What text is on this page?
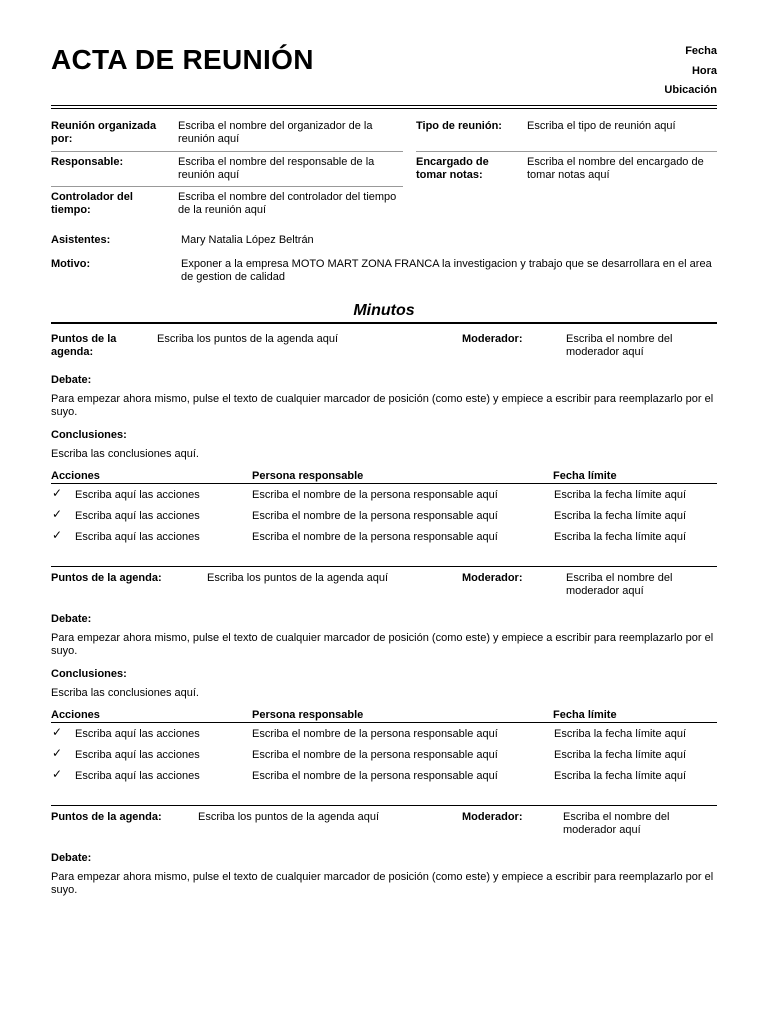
ACTA DE REUNIÓN	Fecha
Hora
Ubicación
Reunión organizada por:
Escriba el nombre del organizador de la reunión aquí
Tipo de reunión:	Escriba el tipo de reunión aquí
Responsable:	Escriba el nombre del responsable de la reunión aquí
Encargado de tomar notas:
Escriba el nombre del encargado de tomar notas aquí
Controlador del tiempo:
Escriba el nombre del controlador del tiempo de la reunión aquí
Asistentes:	Mary Natalia López Beltrán
Motivo:	Exponer a la empresa MOTO MART ZONA FRANCA la investigacion y trabajo que se desarrollara en el area de gestion de calidad
Minutos
Puntos de la agenda:
Escriba los puntos de la agenda aquí	Moderador:	Escriba el nombre del moderador aquí
Debate:
Para empezar ahora mismo, pulse el texto de cualquier marcador de posición (como este) y empiece a escribir para reemplazarlo por el suyo.
Conclusiones:
Escriba las conclusiones aquí.
Acciones	Persona responsable	Fecha límite
✓ Escriba aquí las acciones	Escriba el nombre de la persona responsable aquí	Escriba la fecha límite aquí
✓ Escriba aquí las acciones	Escriba el nombre de la persona responsable aquí	Escriba la fecha límite aquí
✓ Escriba aquí las acciones	Escriba el nombre de la persona responsable aquí	Escriba la fecha límite aquí
Puntos de la agenda:	Escriba los puntos de la agenda aquí	Moderador:	Escriba el nombre del moderador aquí
Debate:
Para empezar ahora mismo, pulse el texto de cualquier marcador de posición (como este) y empiece a escribir para reemplazarlo por el suyo.
Conclusiones:
Escriba las conclusiones aquí.
Acciones	Persona responsable	Fecha límite
✓ Escriba aquí las acciones	Escriba el nombre de la persona responsable aquí	Escriba la fecha límite aquí
✓ Escriba aquí las acciones	Escriba el nombre de la persona responsable aquí	Escriba la fecha límite aquí
✓ Escriba aquí las acciones	Escriba el nombre de la persona responsable aquí	Escriba la fecha límite aquí
Puntos de la agenda:	Escriba los puntos de la agenda aquí	Moderador:	Escriba el nombre del moderador aquí
Debate:
Para empezar ahora mismo, pulse el texto de cualquier marcador de posición (como este) y empiece a escribir para reemplazarlo por el suyo.
